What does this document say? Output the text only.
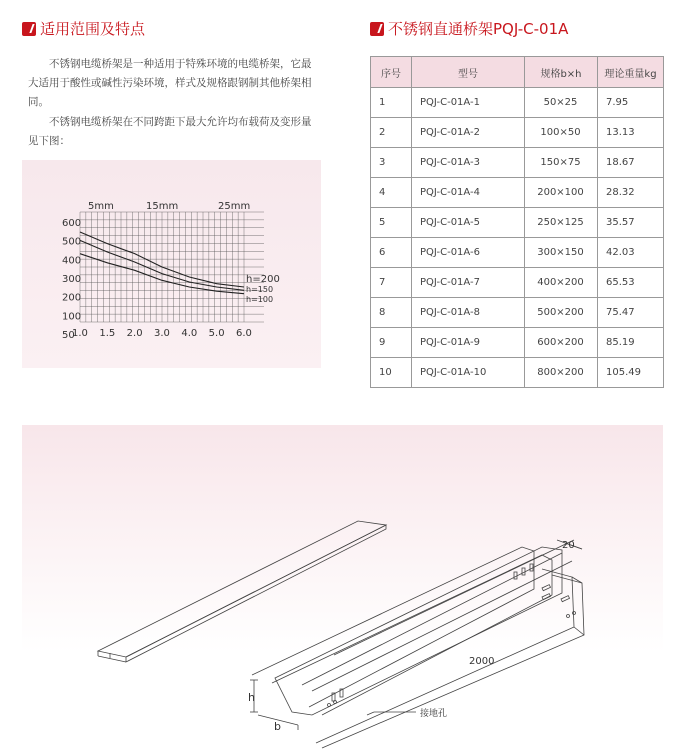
适用范围及特点

不锈钢电缆桥架是一种适用于特殊环境的电缆桥架，它最大适用于酸性或碱性污染环境，样式及规格跟钢制其他桥架相同。

不锈钢电缆桥架在不同跨距下最大允许均布载荷及变形量见下图：

600
500
400
300
200
100
50
1.0 1.5 2.0 3.0 4.0 5.0 6.0
5mm	15mm	25mm
h=200
h=150
h=100
不锈钢直通桥架PQJ-C-01A
序号	型号	规格b×h	理论重量kg
1	PQJ-C-01A-1	50×25	7.95
2	PQJ-C-01A-2	100×50	13.13
3	PQJ-C-01A-3	150×75	18.67
4	PQJ-C-01A-4	200×100	28.32
5	PQJ-C-01A-5	250×125	35.57
6	PQJ-C-01A-6	300×150	42.03
7	PQJ-C-01A-7	400×200	65.53
8	PQJ-C-01A-8	500×200	75.47
9	PQJ-C-01A-9	600×200	85.19
10	PQJ-C-01A-10	800×200	105.49
20
2000
h
b
接地孔
